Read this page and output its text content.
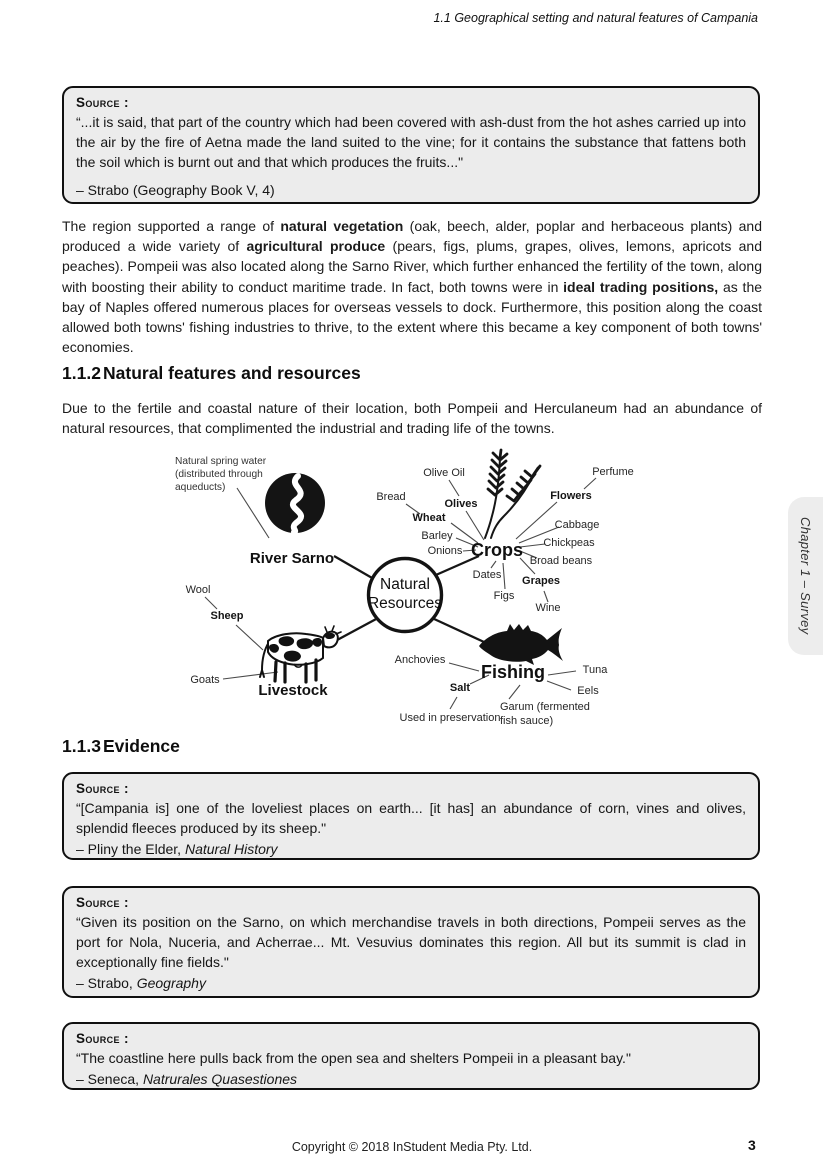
1.1 Geographical setting and natural features of Campania
Source :
“...it is said, that part of the country which had been covered with ash-dust from the hot ashes carried up into the air by the fire of Aetna made the land suited to the vine; for it contains the substance that fattens both the soil which is burnt out and that which produces the fruits..."
– Strabo (Geography Book V, 4)
The region supported a range of natural vegetation (oak, beech, alder, poplar and herbaceous plants) and produced a wide variety of agricultural produce (pears, figs, plums, grapes, olives, lemons, apricots and peaches). Pompeii was also located along the Sarno River, which further enhanced the fertility of the town, along with boosting their ability to conduct maritime trade. In fact, both towns were in ideal trading positions, as the bay of Naples offered numerous places for overseas vessels to dock. Furthermore, this position along the coast allowed both towns' fishing industries to thrive, to the extent where this became a key component of both towns' economies.
1.1.2 Natural features and resources
Due to the fertile and coastal nature of their location, both Pompeii and Herculaneum had an abundance of natural resources, that complimented the industrial and trading life of the towns.
Natural
Resources
River Sarno	Crops
Livestock
Fishing
Natural spring water
(distributed through
aqueducts)
Bread
Olive Oil
Olives
Wheat
Barley
Onions
Flowers
Perfume
Cabbage
Chickpeas
Broad beans
Dates
Figs
Grapes
Wine
Wool
Sheep
Goats
Anchovies
Salt
Used in preservation
Garum (fermented
fish sauce)
Tuna
Eels
1.1.3 Evidence
Source :
“[Campania is] one of the loveliest places on earth... [it has] an abundance of corn, vines and olives, splendid fleeces produced by its sheep."
– Pliny the Elder, Natural History
Source :
“Given its position on the Sarno, on which merchandise travels in both directions, Pompeii serves as the port for Nola, Nuceria, and Acherrae... Mt. Vesuvius dominates this region. All but its summit is clad in exceptionally fine fields."
– Strabo, Geography
Source :
“The coastline here pulls back from the open sea and shelters Pompeii in a pleasant bay."
– Seneca, Natrurales Quasestiones
Copyright © 2018 InStudent Media Pty. Ltd.	3
Chapter 1 – Survey
